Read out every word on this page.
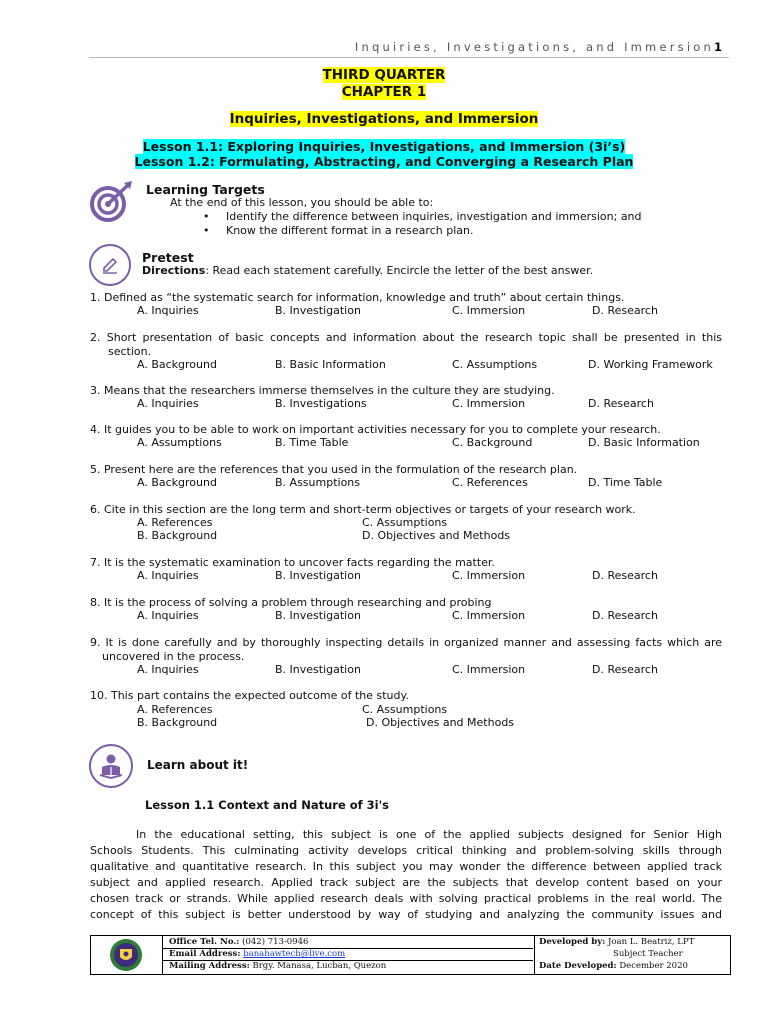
Inquiries, Investigations, and Immersion1
THIRD QUARTER
CHAPTER 1
Inquiries, Investigations, and Immersion
Lesson 1.1: Exploring Inquiries, Investigations, and Immersion (3i’s)
Lesson 1.2: Formulating, Abstracting, and Converging a Research Plan
Learning Targets
At the end of this lesson, you should be able to:
• Identify the difference between inquiries, investigation and immersion; and
• Know the different format in a research plan.
Pretest
Directions: Read each statement carefully. Encircle the letter of the best answer.
1. Defined as “the systematic search for information, knowledge and truth” about certain things.
A. Inquiries	B. Investigation	C. Immersion	D. Research
2. Short presentation of basic concepts and information about the research topic shall be presented in this
section.
A. Background	B. Basic Information	C. Assumptions	D. Working Framework
3. Means that the researchers immerse themselves in the culture they are studying.
A. Inquiries	B. Investigations	C. Immersion	D. Research
4. It guides you to be able to work on important activities necessary for you to complete your research.
A. Assumptions	B. Time Table	C. Background	D. Basic Information
5. Present here are the references that you used in the formulation of the research plan.
A. Background	B. Assumptions	C. References	D. Time Table
6. Cite in this section are the long term and short-term objectives or targets of your research work.
A. References	C. Assumptions
B. Background	D. Objectives and Methods
7. It is the systematic examination to uncover facts regarding the matter.
A. Inquiries	B. Investigation	C. Immersion	D. Research
8. It is the process of solving a problem through researching and probing
A. Inquiries	B. Investigation	C. Immersion	D. Research
9. It is done carefully and by thoroughly inspecting details in organized manner and assessing facts which are
uncovered in the process.
A. Inquiries	B. Investigation	C. Immersion	D. Research
10. This part contains the expected outcome of the study.
A. References	C. Assumptions
B. Background	D. Objectives and Methods
Learn about it!
Lesson 1.1 Context and Nature of 3i's
In the educational setting, this subject is one of the applied subjects designed for Senior High
Schools Students. This culminating activity develops critical thinking and problem-solving skills through
qualitative and quantitative research. In this subject you may wonder the difference between applied track
subject and applied research. Applied track subject are the subjects that develop content based on your
chosen track or strands. While applied research deals with solving practical problems in the real world. The
concept of this subject is better understood by way of studying and analyzing the community issues and
Office Tel. No.: (042) 713-0946
Email Address: banahawtech@live.com
Mailing Address: Brgy. Manasa, Lucban, Quezon
Developed by: Joan L. Beatriz, LPT
Subject Teacher
Date Developed: December 2020
